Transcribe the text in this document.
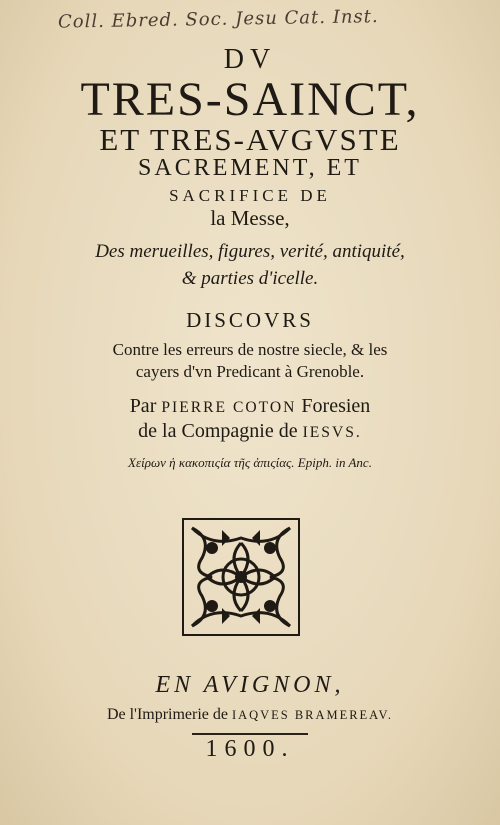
Coll. Ebred. Soc. Jesu Cat. Inst.
DV
TRES-SAINCT,
ET TRES-AVGVSTE
SACREMENT, ET
SACRIFICE DE
la Messe,
Des merueilles, figures, verité, antiquité,
& parties d'icelle.
DISCOVRS
Contre les erreurs de nostre siecle, & les
cayers d'vn Predicant à Grenoble.
Par PIERRE COTON Foresien
de la Compagnie de IESVS.
Χείρων ἡ κακοπιςία τῆς ἀπιςίας. Epiph. in Anc.
EN AVIGNON,
De l'Imprimerie de IAQVES BRAMEREAV.
1600.
